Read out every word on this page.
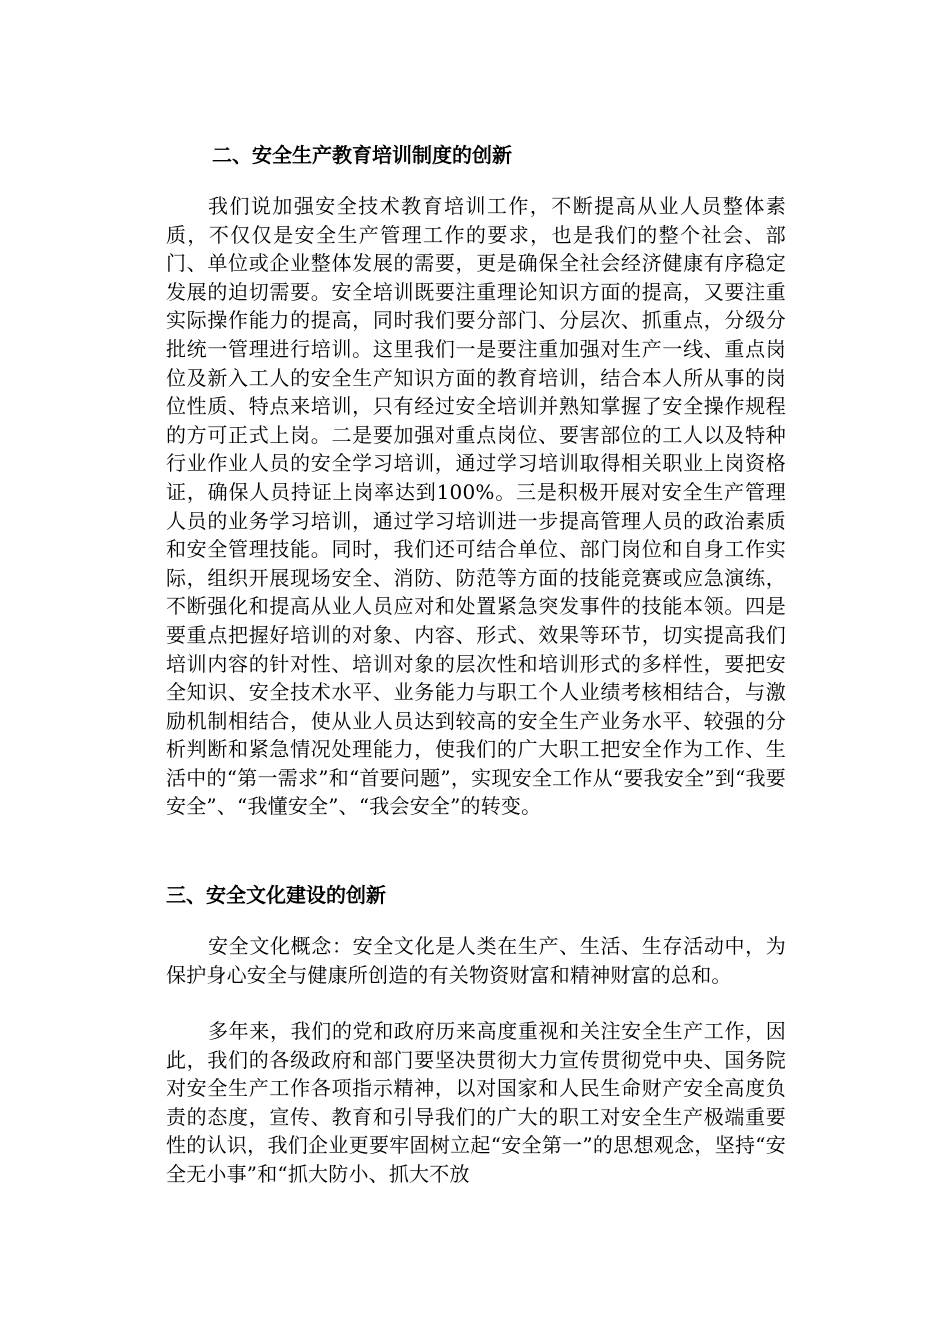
二、安全生产教育培训制度的创新

我们说加强安全技术教育培训工作，不断提高从业人员整体素质，不仅仅是安全生产管理工作的要求，也是我们的整个社会、部门、单位或企业整体发展的需要，更是确保全社会经济健康有序稳定发展的迫切需要。安全培训既要注重理论知识方面的提高，又要注重实际操作能力的提高，同时我们要分部门、分层次、抓重点，分级分批统一管理进行培训。这里我们一是要注重加强对生产一线、重点岗位及新入工人的安全生产知识方面的教育培训，结合本人所从事的岗位性质、特点来培训，只有经过安全培训并熟知掌握了安全操作规程的方可正式上岗。二是要加强对重点岗位、要害部位的工人以及特种行业作业人员的安全学习培训，通过学习培训取得相关职业上岗资格证，确保人员持证上岗率达到100%。三是积极开展对安全生产管理人员的业务学习培训，通过学习培训进一步提高管理人员的政治素质和安全管理技能。同时，我们还可结合单位、部门岗位和自身工作实际，组织开展现场安全、消防、防范等方面的技能竞赛或应急演练，不断强化和提高从业人员应对和处置紧急突发事件的技能本领。四是要重点把握好培训的对象、内容、形式、效果等环节，切实提高我们培训内容的针对性、培训对象的层次性和培训形式的多样性，要把安全知识、安全技术水平、业务能力与职工个人业绩考核相结合，与激励机制相结合，使从业人员达到较高的安全生产业务水平、较强的分析判断和紧急情况处理能力，使我们的广大职工把安全作为工作、生活中的“第一需求”和“首要问题”，实现安全工作从“要我安全”到“我要安全”、“我懂安全”、“我会安全”的转变。

三、安全文化建设的创新

安全文化概念：安全文化是人类在生产、生活、生存活动中，为保护身心安全与健康所创造的有关物资财富和精神财富的总和。

多年来，我们的党和政府历来高度重视和关注安全生产工作，因此，我们的各级政府和部门要坚决贯彻大力宣传贯彻党中央、国务院对安全生产工作各项指示精神，以对国家和人民生命财产安全高度负责的态度，宣传、教育和引导我们的广大的职工对安全生产极端重要性的认识，我们企业更要牢固树立起“安全第一”的思想观念，坚持“安全无小事”和“抓大防小、抓大不放
